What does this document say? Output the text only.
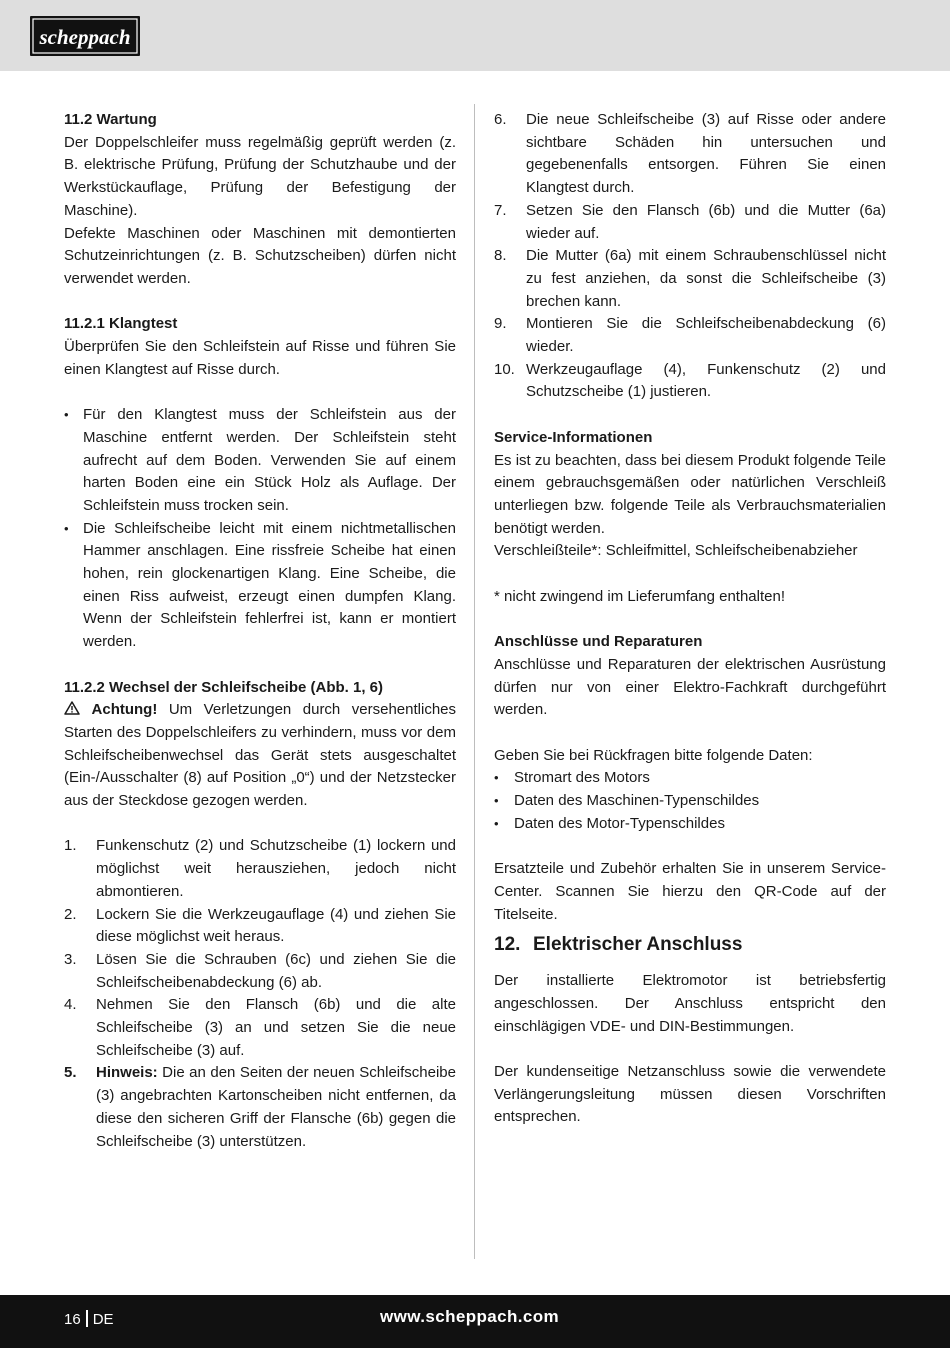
scheppach
11.2 Wartung

Der Doppelschleifer muss regelmäßig geprüft werden (z. B. elektrische Prüfung, Prüfung der Schutzhaube und der Werkstückauflage, Prüfung der Befestigung der Maschine).

Defekte Maschinen oder Maschinen mit demontierten Schutzeinrichtungen (z. B. Schutzscheiben) dürfen nicht verwendet werden.

11.2.1 Klangtest

Überprüfen Sie den Schleifstein auf Risse und führen Sie einen Klangtest auf Risse durch.

• Für den Klangtest muss der Schleifstein aus der Maschine entfernt werden. Der Schleifstein steht aufrecht auf dem Boden. Verwenden Sie auf einem harten Boden eine ein Stück Holz als Auflage. Der Schleifstein muss trocken sein.
• Die Schleifscheibe leicht mit einem nichtmetallischen Hammer anschlagen. Eine rissfreie Scheibe hat einen hohen, rein glockenartigen Klang. Eine Scheibe, die einen Riss aufweist, erzeugt einen dumpfen Klang. Wenn der Schleifstein fehlerfrei ist, kann er montiert werden.
11.2.2 Wechsel der Schleifscheibe (Abb. 1, 6)

Achtung! Um Verletzungen durch versehentliches Starten des Doppelschleifers zu verhindern, muss vor dem Schleifscheibenwechsel das Gerät stets ausgeschaltet (Ein-/Ausschalter (8) auf Position „0“) und der Netzstecker aus der Steckdose gezogen werden.

1. Funkenschutz (2) und Schutzscheibe (1) lockern und möglichst weit herausziehen, jedoch nicht abmontieren.
2. Lockern Sie die Werkzeugauflage (4) und ziehen Sie diese möglichst weit heraus.
3. Lösen Sie die Schrauben (6c) und ziehen Sie die Schleifscheibenabdeckung (6) ab.
4. Nehmen Sie den Flansch (6b) und die alte Schleifscheibe (3) an und setzen Sie die neue Schleifscheibe (3) auf.
5. Hinweis: Die an den Seiten der neuen Schleifscheibe (3) angebrachten Kartonscheiben nicht entfernen, da diese den sicheren Griff der Flansche (6b) gegen die Schleifscheibe (3) unterstützen.
6. Die neue Schleifscheibe (3) auf Risse oder andere sichtbare Schäden hin untersuchen und gegebenenfalls entsorgen. Führen Sie einen Klangtest durch.
7. Setzen Sie den Flansch (6b) und die Mutter (6a) wieder auf.
8. Die Mutter (6a) mit einem Schraubenschlüssel nicht zu fest anziehen, da sonst die Schleifscheibe (3) brechen kann.
9. Montieren Sie die Schleifscheibenabdeckung (6) wieder.
10. Werkzeugauflage (4), Funkenschutz (2) und Schutzscheibe (1) justieren.
Service-Informationen

Es ist zu beachten, dass bei diesem Produkt folgende Teile einem gebrauchsgemäßen oder natürlichen Verschleiß unterliegen bzw. folgende Teile als Verbrauchsmaterialien benötigt werden.

Verschleißteile*: Schleifmittel, Schleifscheibenabzieher

* nicht zwingend im Lieferumfang enthalten!

Anschlüsse und Reparaturen

Anschlüsse und Reparaturen der elektrischen Ausrüstung dürfen nur von einer Elektro-Fachkraft durchgeführt werden.

Geben Sie bei Rückfragen bitte folgende Daten:

• Stromart des Motors
• Daten des Maschinen-Typenschildes
• Daten des Motor-Typenschildes

Ersatzteile und Zubehör erhalten Sie in unserem Service-Center. Scannen Sie hierzu den QR-Code auf der Titelseite.

12. Elektrischer Anschluss

Der installierte Elektromotor ist betriebsfertig angeschlossen. Der Anschluss entspricht den einschlägigen VDE- und DIN-Bestimmungen.

Der kundenseitige Netzanschluss sowie die verwendete Verlängerungsleitung müssen diesen Vorschriften entsprechen.

16 DE	www.scheppach.com
